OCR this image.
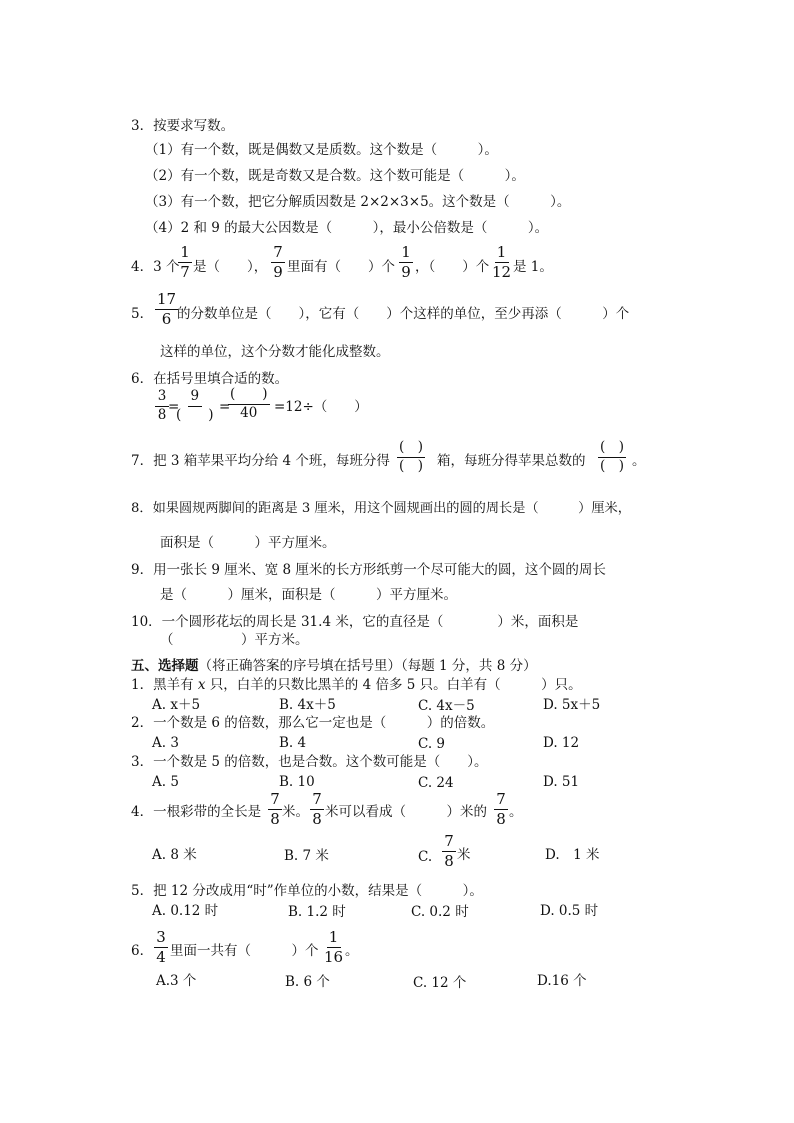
3．按要求写数。
（1）有一个数，既是偶数又是质数。这个数是（　　　）。
（2）有一个数，既是奇数又是合数。这个数可能是（　　　）。
（3）有一个数，把它分解质因数是 2×2×3×5。这个数是（　　　）。
（4）2 和 9 的最大公因数是（　　　），最小公倍数是（　　　）。
4．3 个
$\frac{1}{7}$ 是（　　）， $\frac{7}{9}$ 里面有（　　）个 $\frac{1}{9}$ ，（　　）个 $\frac{1}{12}$ 是 1。
5． $\frac{17}{6}$
的分数单位是（　　），它有（　　）个这样的单位，至少再添（　　　）个
这样的单位，这个分数才能化成整数。
6．在括号里填合适的数。
$\frac{3}{8}$ =
9
(　　) =
(　　)
40 =12÷（　　）
7．把 3 箱苹果平均分给 4 个班，每班分得
(　)
(　) 箱，每班分得苹果总数的
(　)
(　) 。
8．如果圆规两脚间的距离是 3 厘米，用这个圆规画出的圆的周长是（　　　）厘米，
面积是（　　　）平方厘米。
9．用一张长 9 厘米、宽 8 厘米的长方形纸剪一个尽可能大的圆，这个圆的周长
是（　　　）厘米，面积是（　　　）平方厘米。
10．一个圆形花坛的周长是 31.4 米，它的直径是（　　　　）米，面积是
（　　　　　）平方米。
五、选择题（将正确答案的序号填在括号里）（每题 1 分，共 8 分）
1．黑羊有 x 只，白羊的只数比黑羊的 4 倍多 5 只。白羊有（　　　）只。
A. x＋5	B. 4x＋5	C. 4x－5	D. 5x＋5
2．一个数是 6 的倍数，那么它一定也是（　　　）的倍数。
A. 3	B. 4	C. 9	D. 12
3．一个数是 5 的倍数，也是合数。这个数可能是（　　）。
A. 5	B. 10	C. 24	D. 51
4．一根彩带的全长是 $\frac{7}{8}$ 米。 $\frac{7}{8}$ 米可以看成（　　　）米的 $\frac{7}{8}$ 。
A. 8 米	B. 7 米	C. $\frac{7}{8}$ 米	D.　1 米
5．把 12 分改成用“时”作单位的小数，结果是（　　　）。
A. 0.12 时	B. 1.2 时	C. 0.2 时	D. 0.5 时
6． $\frac{3}{4}$ 里面一共有（　　　）个 $\frac{1}{16}$ 。
A.3 个	B. 6 个	C. 12 个	D.16 个
